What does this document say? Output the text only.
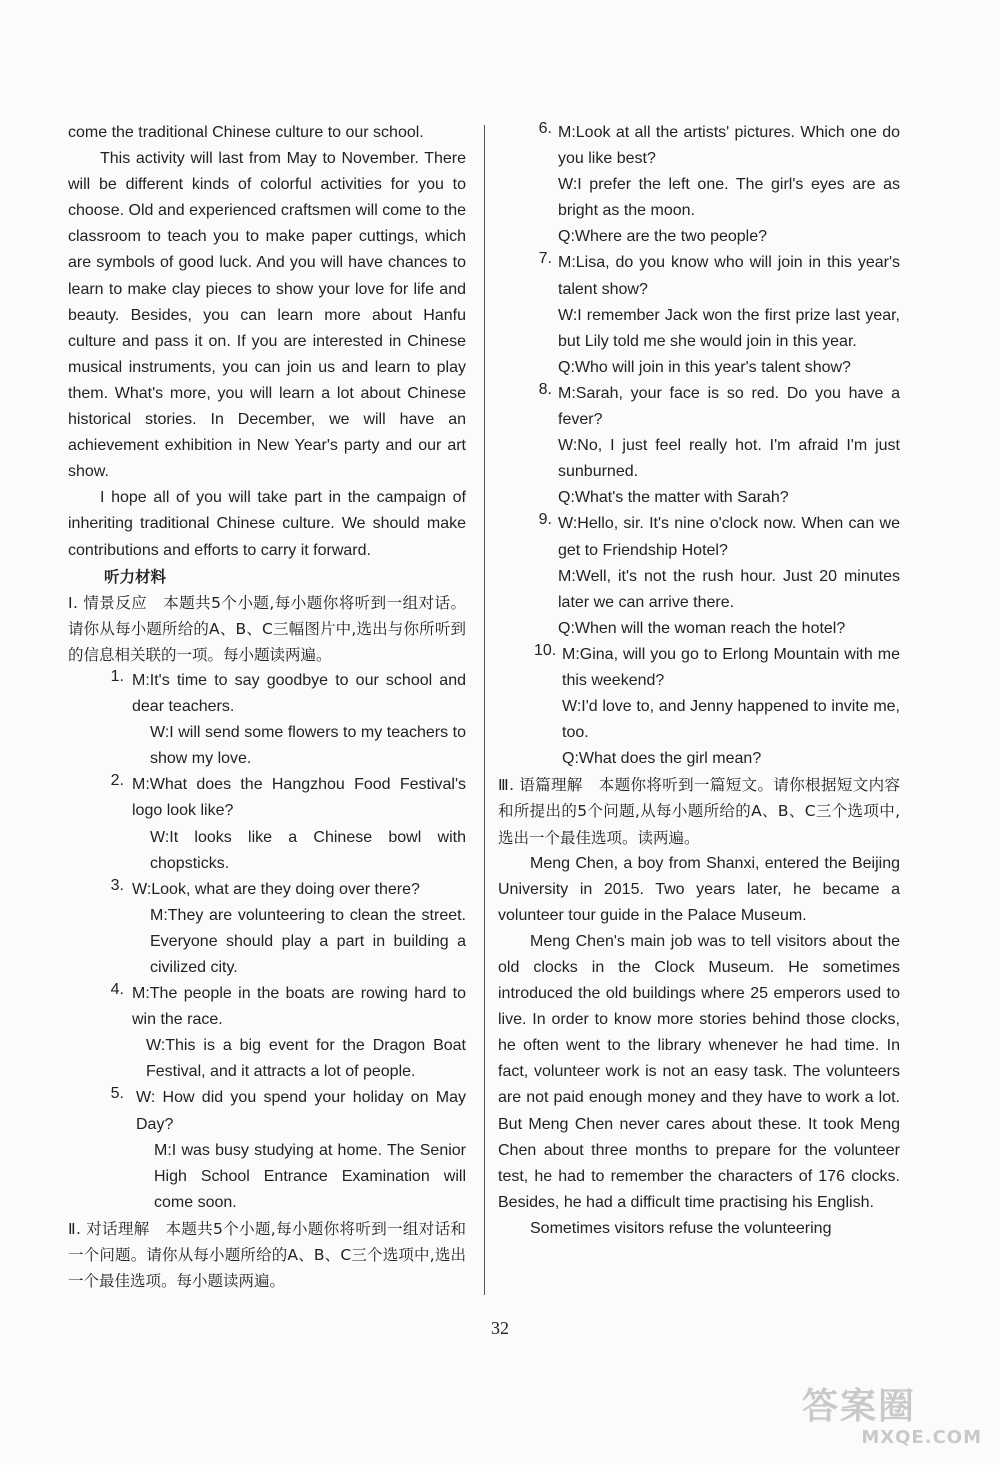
come the traditional Chinese culture to our school.

This activity will last from May to November. There will be different kinds of colorful activities for you to choose. Old and experienced craftsmen will come to the classroom to teach you to make paper cuttings, which are symbols of good luck. And you will have chances to learn to make clay pieces to show your love for life and beauty. Besides, you can learn more about Hanfu culture and pass it on. If you are interested in Chinese musical instruments, you can join us and learn to play them. What's more, you will learn a lot about Chinese historical stories. In December, we will have an achievement exhibition in New Year's party and our art show.

I hope all of you will take part in the campaign of inheriting traditional Chinese culture. We should make contributions and efforts to carry it forward.

听力材料

Ⅰ. 情景反应　本题共5个小题,每小题你将听到一组对话。请你从每小题所给的A、B、C三幅图片中,选出与你所听到的信息相关联的一项。每小题读两遍。

1. M:It's time to say goodbye to our school and dear teachers.

W:I will send some flowers to my teachers to show my love.

2. M:What does the Hangzhou Food Festival's logo look like?

W:It looks like a Chinese bowl with chopsticks.

3. W:Look, what are they doing over there?

M:They are volunteering to clean the street. Everyone should play a part in building a civilized city.

4. M:The people in the boats are rowing hard to win the race.

W:This is a big event for the Dragon Boat Festival, and it attracts a lot of people.

5. W: How did you spend your holiday on May Day?

M:I was busy studying at home. The Senior High School Entrance Examination will come soon.

Ⅱ. 对话理解　本题共5个小题,每小题你将听到一组对话和一个问题。请你从每小题所给的A、B、C三个选项中,选出一个最佳选项。每小题读两遍。

6. M:Look at all the artists' pictures. Which one do you like best?

W:I prefer the left one. The girl's eyes are as bright as the moon.

Q:Where are the two people?

7. M:Lisa, do you know who will join in this year's talent show?

W:I remember Jack won the first prize last year, but Lily told me she would join in this year.

Q:Who will join in this year's talent show?

8. M:Sarah, your face is so red. Do you have a fever?

W:No, I just feel really hot. I'm afraid I'm just sunburned.

Q:What's the matter with Sarah?

9. W:Hello, sir. It's nine o'clock now. When can we get to Friendship Hotel?

M:Well, it's not the rush hour. Just 20 minutes later we can arrive there.

Q:When will the woman reach the hotel?

10. M:Gina, will you go to Erlong Mountain with me this weekend?

W:I'd love to, and Jenny happened to invite me, too.

Q:What does the girl mean?

Ⅲ. 语篇理解　本题你将听到一篇短文。请你根据短文内容和所提出的5个问题,从每小题所给的A、B、C三个选项中,选出一个最佳选项。读两遍。

Meng Chen, a boy from Shanxi, entered the Beijing University in 2015. Two years later, he became a volunteer tour guide in the Palace Museum.

Meng Chen's main job was to tell visitors about the old clocks in the Clock Museum. He sometimes introduced the old buildings where 25 emperors used to live. In order to know more stories behind those clocks, he often went to the library whenever he had time. In fact, volunteer work is not an easy task. The volunteers are not paid enough money and they have to work a lot. But Meng Chen never cares about these. It took Meng Chen about three months to prepare for the volunteer test, he had to remember the characters of 176 clocks. Besides, he had a difficult time practising his English.

Sometimes visitors refuse the volunteering

32
答案圈
MXQE.COM
